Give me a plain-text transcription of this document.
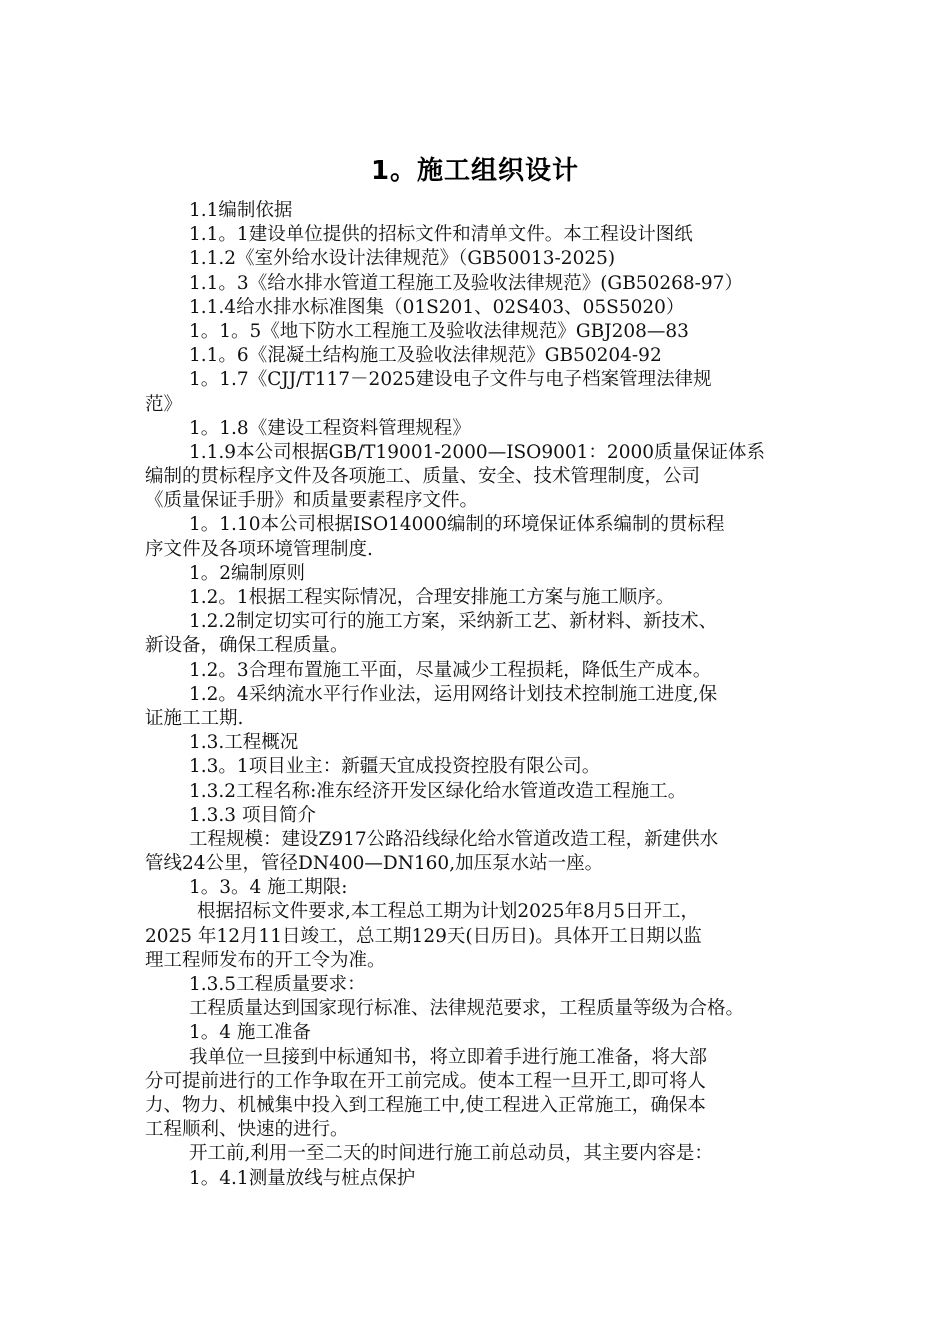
1。施工组织设计
1.1编制依据
1.1。1建设单位提供的招标文件和清单文件。本工程设计图纸
1.1.2《室外给水设计法律规范》（GB50013-2025)
1.1。3《给水排水管道工程施工及验收法律规范》(GB50268-97）
1.1.4给水排水标准图集（01S201、02S403、05S5020）
1。1。5《地下防水工程施工及验收法律规范》GBJ208—83
1.1。6《混凝土结构施工及验收法律规范》GB50204-92
1。1.7《CJJ/T117－2025建设电子文件与电子档案管理法律规
范》
1。1.8《建设工程资料管理规程》
1.1.9本公司根据GB/T19001-2000—ISO9001：2000质量保证体系
编制的贯标程序文件及各项施工、质量、安全、技术管理制度，公司
《质量保证手册》和质量要素程序文件。
1。1.10本公司根据ISO14000编制的环境保证体系编制的贯标程
序文件及各项环境管理制度.
1。2编制原则
1.2。1根据工程实际情况，合理安排施工方案与施工顺序。
1.2.2制定切实可行的施工方案，采纳新工艺、新材料、新技术、
新设备，确保工程质量。
1.2。3合理布置施工平面，尽量减少工程损耗，降低生产成本。
1.2。4采纳流水平行作业法，运用网络计划技术控制施工进度,保
证施工工期.
1.3.工程概况
1.3。1项目业主：新疆天宜成投资控股有限公司。
1.3.2工程名称:准东经济开发区绿化给水管道改造工程施工。
1.3.3 项目简介
工程规模：建设Z917公路沿线绿化给水管道改造工程，新建供水
管线24公里，管径DN400—DN160,加压泵水站一座。
1。3。4 施工期限:
根据招标文件要求,本工程总工期为计划2025年8月5日开工，
2025 年12月11日竣工，总工期129天(日历日)。具体开工日期以监
理工程师发布的开工令为准。
1.3.5工程质量要求：
工程质量达到国家现行标准、法律规范要求，工程质量等级为合格。
1。4 施工准备
我单位一旦接到中标通知书，将立即着手进行施工准备，将大部
分可提前进行的工作争取在开工前完成。使本工程一旦开工,即可将人
力、物力、机械集中投入到工程施工中,使工程进入正常施工，确保本
工程顺利、快速的进行。
开工前,利用一至二天的时间进行施工前总动员，其主要内容是：
1。4.1测量放线与桩点保护
